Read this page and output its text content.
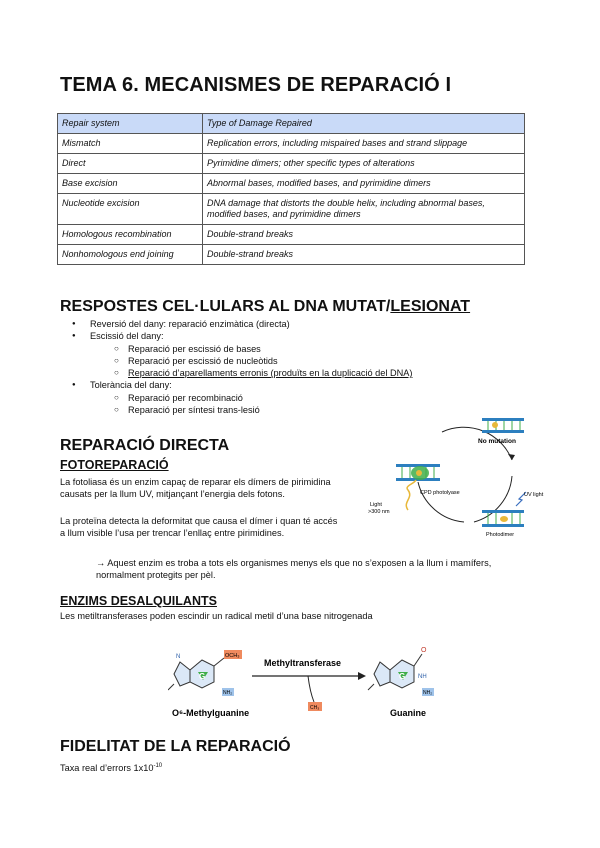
TEMA 6. MECANISMES DE REPARACIÓ I
Repair system	Type of Damage Repaired
Mismatch	Replication errors, including mispaired bases and strand slippage
Direct	Pyrimidine dimers; other specific types of alterations
Base excision	Abnormal bases, modified bases, and pyrimidine dimers
Nucleotide excision	DNA damage that distorts the double helix, including abnormal bases, modified bases, and pyrimidine dimers
Homologous recombination	Double-strand breaks
Nonhomologous end joining	Double-strand breaks
RESPOSTES CEL·LULARS AL DNA MUTAT/LESIONAT
● Reversió del dany: reparació enzimàtica (directa)
● Escissió del dany:
○ Reparació per escissió de bases
○ Reparació per escissió de nucleòtids
○ Reparació d’aparellaments erronis (produïts en la duplicació del DNA)
● Tolerància del dany:
○ Reparació per recombinació
○ Reparació per síntesi trans-lesió
REPARACIÓ DIRECTA
FOTOREPARACIÓ
La fotoliasa és un enzim capaç de reparar els dímers de pirimidina causats per la llum UV, mitjançant l’energia dels fotons.
La proteïna detecta la deformitat que causa el dímer i quan té accés a llum visible l’usa per trencar l’enllaç entre pirimidines.
→ Aquest enzim es troba a tots els organismes menys els que no s’exposen a la llum i mamífers, normalment protegits per pèl.
No mutation
CPD photolyase
Light
>300 nm
UV light
Photodimer
ENZIMS DESALQUILANTS
Les metiltransferases poden escindir un radical metil d’una base nitrogenada
G
OCH₃
NH₂
N
O⁶-Methylguanine
Methyltransferase
CH₃
G
O
NH
NH₂
Guanine
FIDELITAT DE LA REPARACIÓ
Taxa real d’errors $1x10^{-10}$
